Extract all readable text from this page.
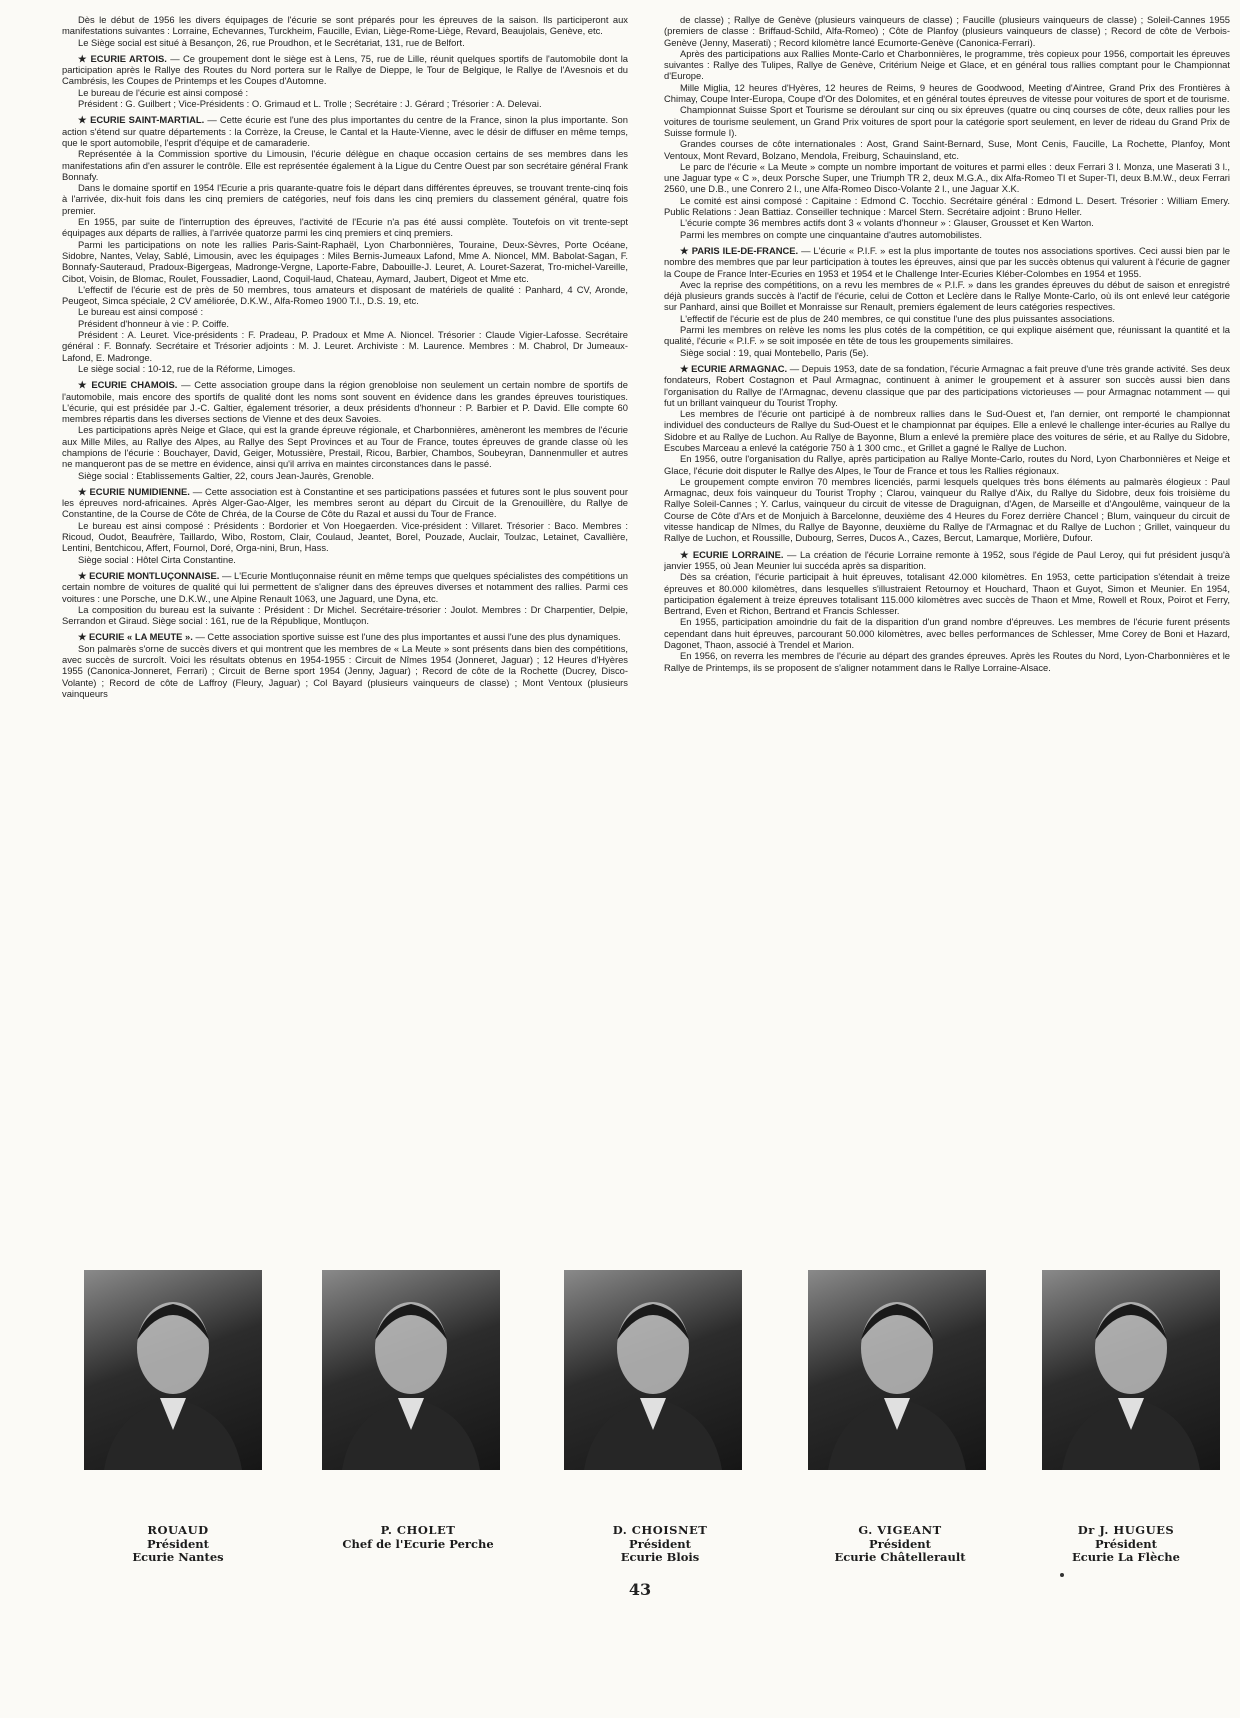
Dès le début de 1956 les divers équipages de l'écurie se sont préparés pour les épreuves de la saison. Ils participeront aux manifestations suivantes : Lorraine, Echevannes, Turckheim, Faucille, Evian, Liège-Rome-Liège, Revard, Beaujolais, Genève, etc.

Le Siège social est situé à Besançon, 26, rue Proudhon, et le Secrétariat, 131, rue de Belfort.

★ ECURIE ARTOIS. — Ce groupement dont le siège est à Lens, 75, rue de Lille, réunit quelques sportifs de l'automobile dont la participation après le Rallye des Routes du Nord portera sur le Rallye de Dieppe, le Tour de Belgique, le Rallye de l'Avesnois et du Cambrésis, les Coupes de Printemps et les Coupes d'Automne.

Le bureau de l'écurie est ainsi composé :

Président : G. Guilbert ; Vice-Présidents : O. Grimaud et L. Trolle ; Secrétaire : J. Gérard ; Trésorier : A. Delevai.

★ ECURIE SAINT-MARTIAL. — Cette écurie est l'une des plus importantes du centre de la France, sinon la plus importante. Son action s'étend sur quatre départements : la Corrèze, la Creuse, le Cantal et la Haute-Vienne, avec le désir de diffuser en même temps, que le sport automobile, l'esprit d'équipe et de camaraderie.

Représentée à la Commission sportive du Limousin, l'écurie délègue en chaque occasion certains de ses membres dans les manifestations afin d'en assurer le contrôle. Elle est représentée également à la Ligue du Centre Ouest par son secrétaire général Frank Bonnafy.

Dans le domaine sportif en 1954 l'Ecurie a pris quarante-quatre fois le départ dans différentes épreuves, se trouvant trente-cinq fois à l'arrivée, dix-huit fois dans les cinq premiers de catégories, neuf fois dans les cinq premiers du classement général, quatre fois premier.

En 1955, par suite de l'interruption des épreuves, l'activité de l'Ecurie n'a pas été aussi complète. Toutefois on vit trente-sept équipages aux départs de rallies, à l'arrivée quatorze parmi les cinq premiers et cinq premiers.

Parmi les participations on note les rallies Paris-Saint-Raphaël, Lyon Charbonnières, Touraine, Deux-Sèvres, Porte Océane, Sidobre, Nantes, Velay, Sablé, Limousin, avec les équipages : Miles Bernis-Jumeaux Lafond, Mme A. Nioncel, MM. Babolat-Sagan, F. Bonnafy-Sauteraud, Pradoux-Bigergeas, Madronge-Vergne, Laporte-Fabre, Dabouille-J. Leuret, A. Louret-Sazerat, Tro-michel-Vareille, Cibot, Voisin, de Blomac, Roulet, Foussadier, Laond, Coquil-laud, Chateau, Aymard, Jaubert, Digeot et Mme etc.

L'effectif de l'écurie est de près de 50 membres, tous amateurs et disposant de matériels de qualité : Panhard, 4 CV, Aronde, Peugeot, Simca spéciale, 2 CV améliorée, D.K.W., Alfa-Romeo 1900 T.I., D.S. 19, etc.

Le bureau est ainsi composé :

Président d'honneur à vie : P. Coiffe.

Président : A. Leuret. Vice-présidents : F. Pradeau, P. Pradoux et Mme A. Nioncel. Trésorier : Claude Vigier-Lafosse. Secrétaire général : F. Bonnafy. Secrétaire et Trésorier adjoints : M. J. Leuret. Archiviste : M. Laurence. Membres : M. Chabrol, Dr Jumeaux-Lafond, E. Madronge.

Le siège social : 10-12, rue de la Réforme, Limoges.

★ ECURIE CHAMOIS. — Cette association groupe dans la région grenobloise non seulement un certain nombre de sportifs de l'automobile, mais encore des sportifs de qualité dont les noms sont souvent en évidence dans les grandes épreuves touristiques. L'écurie, qui est présidée par J.-C. Galtier, également trésorier, a deux présidents d'honneur : P. Barbier et P. David. Elle compte 60 membres répartis dans les diverses sections de Vienne et des deux Savoies.

Les participations après Neige et Glace, qui est la grande épreuve régionale, et Charbonnières, amèneront les membres de l'écurie aux Mille Miles, au Rallye des Alpes, au Rallye des Sept Provinces et au Tour de France, toutes épreuves de grande classe où les champions de l'écurie : Bouchayer, David, Geiger, Motussière, Prestail, Ricou, Barbier, Chambos, Soubeyran, Dannenmuller et autres ne manqueront pas de se mettre en évidence, ainsi qu'il arriva en maintes circonstances dans le passé.

Siège social : Etablissements Galtier, 22, cours Jean-Jaurès, Grenoble.

★ ECURIE NUMIDIENNE. — Cette association est à Constantine et ses participations passées et futures sont le plus souvent pour les épreuves nord-africaines. Après Alger-Gao-Alger, les membres seront au départ du Circuit de la Grenouillère, du Rallye de Constantine, de la Course de Côte de Chréa, de la Course de Côte du Razal et aussi du Tour de France.

Le bureau est ainsi composé : Présidents : Bordorier et Von Hoegaerden. Vice-président : Villaret. Trésorier : Baco. Membres : Ricoud, Oudot, Beaufrère, Taillardo, Wibo, Rostom, Clair, Coulaud, Jeantet, Borel, Pouzade, Auclair, Toulzac, Letainet, Cavallière, Lentini, Bentchicou, Affert, Fournol, Doré, Orga-nini, Brun, Hass.

Siège social : Hôtel Cirta Constantine.

★ ECURIE MONTLUÇONNAISE. — L'Ecurie Montluçonnaise réunit en même temps que quelques spécialistes des compétitions un certain nombre de voitures de qualité qui lui permettent de s'aligner dans des épreuves diverses et notamment des rallies. Parmi ces voitures : une Porsche, une D.K.W., une Alpine Renault 1063, une Jaguard, une Dyna, etc.

La composition du bureau est la suivante : Président : Dr Michel. Secrétaire-trésorier : Joulot. Membres : Dr Charpentier, Delpie, Serrandon et Giraud. Siège social : 161, rue de la République, Montluçon.

★ ECURIE « LA MEUTE ». — Cette association sportive suisse est l'une des plus importantes et aussi l'une des plus dynamiques.

Son palmarès s'orne de succès divers et qui montrent que les membres de « La Meute » sont présents dans bien des compétitions, avec succès de surcroît. Voici les résultats obtenus en 1954-1955 : Circuit de Nîmes 1954 (Jonneret, Jaguar) ; 12 Heures d'Hyères 1955 (Canonica-Jonneret, Ferrari) ; Circuit de Berne sport 1954 (Jenny, Jaguar) ; Record de côte de la Rochette (Ducrey, Disco-Volante) ; Record de côte de Laffroy (Fleury, Jaguar) ; Col Bayard (plusieurs vainqueurs de classe) ; Mont Ventoux (plusieurs vainqueurs

de classe) ; Rallye de Genève (plusieurs vainqueurs de classe) ; Faucille (plusieurs vainqueurs de classe) ; Soleil-Cannes 1955 (premiers de classe : Briffaud-Schild, Alfa-Romeo) ; Côte de Planfoy (plusieurs vainqueurs de classe) ; Record de côte de Verbois-Genève (Jenny, Maserati) ; Record kilomètre lancé Ecumorte-Genève (Canonica-Ferrari).

Après des participations aux Rallies Monte-Carlo et Charbonnières, le programme, très copieux pour 1956, comportait les épreuves suivantes : Rallye des Tulipes, Rallye de Genève, Critérium Neige et Glace, et en général tous rallies comptant pour le Championnat d'Europe.

Mille Miglia, 12 heures d'Hyères, 12 heures de Reims, 9 heures de Goodwood, Meeting d'Aintree, Grand Prix des Frontières à Chimay, Coupe Inter-Europa, Coupe d'Or des Dolomites, et en général toutes épreuves de vitesse pour voitures de sport et de tourisme.

Championnat Suisse Sport et Tourisme se déroulant sur cinq ou six épreuves (quatre ou cinq courses de côte, deux rallies pour les voitures de tourisme seulement, un Grand Prix voitures de sport pour la catégorie sport seulement, en lever de rideau du Grand Prix de Suisse formule I).

Grandes courses de côte internationales : Aost, Grand Saint-Bernard, Suse, Mont Cenis, Faucille, La Rochette, Planfoy, Mont Ventoux, Mont Revard, Bolzano, Mendola, Freiburg, Schauinsland, etc.

Le parc de l'écurie « La Meute » compte un nombre important de voitures et parmi elles : deux Ferrari 3 l. Monza, une Maserati 3 l., une Jaguar type « C », deux Porsche Super, une Triumph TR 2, deux M.G.A., dix Alfa-Romeo TI et Super-TI, deux B.M.W., deux Ferrari 2560, une D.B., une Conrero 2 l., une Alfa-Romeo Disco-Volante 2 l., une Jaguar X.K.

Le comité est ainsi composé : Capitaine : Edmond C. Tocchio. Secrétaire général : Edmond L. Desert. Trésorier : William Emery. Public Relations : Jean Battiaz. Conseiller technique : Marcel Stern. Secrétaire adjoint : Bruno Heller.

L'écurie compte 36 membres actifs dont 3 « volants d'honneur » : Glauser, Grousset et Ken Warton.

Parmi les membres on compte une cinquantaine d'autres automobilistes.

★ PARIS ILE-DE-FRANCE. — L'écurie « P.I.F. » est la plus importante de toutes nos associations sportives. Ceci aussi bien par le nombre des membres que par leur participation à toutes les épreuves, ainsi que par les succès obtenus qui valurent à l'écurie de gagner la Coupe de France Inter-Ecuries en 1953 et 1954 et le Challenge Inter-Ecuries Kléber-Colombes en 1954 et 1955.

Avec la reprise des compétitions, on a revu les membres de « P.I.F. » dans les grandes épreuves du début de saison et enregistré déjà plusieurs grands succès à l'actif de l'écurie, celui de Cotton et Leclère dans le Rallye Monte-Carlo, où ils ont enlevé leur catégorie sur Panhard, ainsi que Boillet et Monraisse sur Renault, premiers également de leurs catégories respectives.

L'effectif de l'écurie est de plus de 240 membres, ce qui constitue l'une des plus puissantes associations.

Parmi les membres on relève les noms les plus cotés de la compétition, ce qui explique aisément que, réunissant la quantité et la qualité, l'écurie « P.I.F. » se soit imposée en tête de tous les groupements similaires.

Siège social : 19, quai Montebello, Paris (5e).

★ ECURIE ARMAGNAC. — Depuis 1953, date de sa fondation, l'écurie Armagnac a fait preuve d'une très grande activité. Ses deux fondateurs, Robert Costagnon et Paul Armagnac, continuent à animer le groupement et à assurer son succès aussi bien dans l'organisation du Rallye de l'Armagnac, devenu classique que par des participations victorieuses — pour Armagnac notamment — qui fut un brillant vainqueur du Tourist Trophy.

Les membres de l'écurie ont participé à de nombreux rallies dans le Sud-Ouest et, l'an dernier, ont remporté le championnat individuel des conducteurs de Rallye du Sud-Ouest et le championnat par équipes. Elle a enlevé le challenge inter-écuries au Rallye du Sidobre et au Rallye de Luchon. Au Rallye de Bayonne, Blum a enlevé la première place des voitures de série, et au Rallye du Sidobre, Escubes Marceau a enlevé la catégorie 750 à 1 300 cmc., et Grillet a gagné le Rallye de Luchon.

En 1956, outre l'organisation du Rallye, après participation au Rallye Monte-Carlo, routes du Nord, Lyon Charbonnières et Neige et Glace, l'écurie doit disputer le Rallye des Alpes, le Tour de France et tous les Rallies régionaux.

Le groupement compte environ 70 membres licenciés, parmi lesquels quelques très bons éléments au palmarès élogieux : Paul Armagnac, deux fois vainqueur du Tourist Trophy ; Clarou, vainqueur du Rallye d'Aix, du Rallye du Sidobre, deux fois troisième du Rallye Soleil-Cannes ; Y. Carlus, vainqueur du circuit de vitesse de Draguignan, d'Agen, de Marseille et d'Angoulême, vainqueur de la Course de Côte d'Ars et de Monjuich à Barcelonne, deuxième des 4 Heures du Forez derrière Chancel ; Blum, vainqueur du circuit de vitesse handicap de Nîmes, du Rallye de Bayonne, deuxième du Rallye de l'Armagnac et du Rallye de Luchon ; Grillet, vainqueur du Rallye de Luchon, et Roussille, Dubourg, Serres, Ducos A., Cazes, Bercut, Lamarque, Morlière, Dufour.

★ ECURIE LORRAINE. — La création de l'écurie Lorraine remonte à 1952, sous l'égide de Paul Leroy, qui fut président jusqu'à janvier 1955, où Jean Meunier lui succéda après sa disparition.

Dès sa création, l'écurie participait à huit épreuves, totalisant 42.000 kilomètres. En 1953, cette participation s'étendait à treize épreuves et 80.000 kilomètres, dans lesquelles s'illustraient Retournoy et Houchard, Thaon et Guyot, Simon et Meunier. En 1954, participation également à treize épreuves totalisant 115.000 kilomètres avec succès de Thaon et Mme, Rowell et Roux, Poirot et Ferry, Bertrand, Even et Richon, Bertrand et Francis Schlesser.

En 1955, participation amoindrie du fait de la disparition d'un grand nombre d'épreuves. Les membres de l'écurie furent présents cependant dans huit épreuves, parcourant 50.000 kilomètres, avec belles performances de Schlesser, Mme Corey de Boni et Hazard, Dagonet, Thaon, associé à Trendel et Marion.

En 1956, on reverra les membres de l'écurie au départ des grandes épreuves. Après les Routes du Nord, Lyon-Charbonnières et le Rallye de Printemps, ils se proposent de s'aligner notamment dans le Rallye Lorraine-Alsace.

ROUAUD
Président
Ecurie Nantes
P. CHOLET
Chef de l'Ecurie Perche
D. CHOISNET
Président
Ecurie Blois
G. VIGEANT
Président
Ecurie Châtellerault
Dr J. HUGUES
Président
Ecurie La Flèche
43
